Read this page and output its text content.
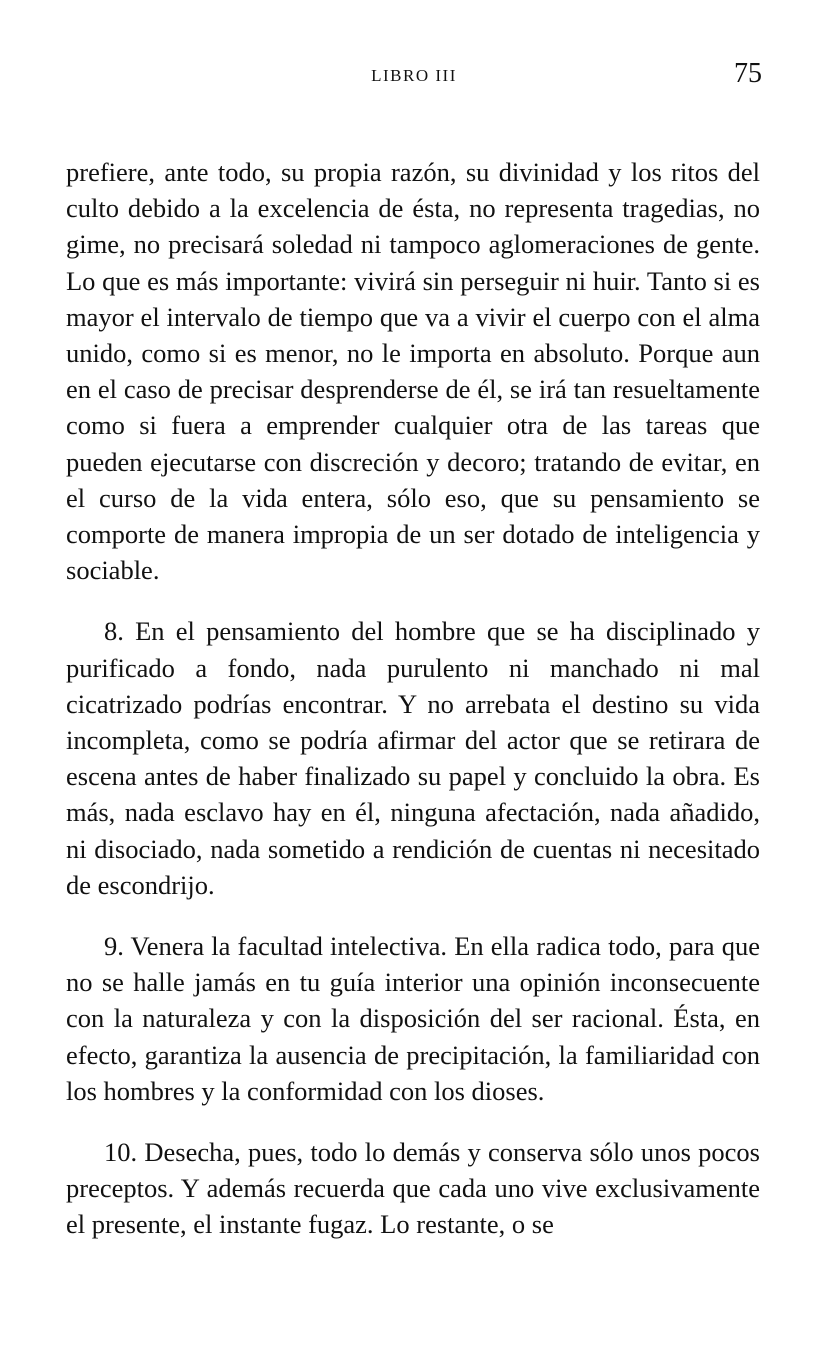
LIBRO III	75

prefiere, ante todo, su propia razón, su divinidad y los ritos del culto debido a la excelencia de ésta, no representa tragedias, no gime, no precisará soledad ni tampoco aglomeraciones de gente. Lo que es más importante: vivirá sin perseguir ni huir. Tanto si es mayor el intervalo de tiempo que va a vivir el cuerpo con el alma unido, como si es menor, no le importa en absoluto. Porque aun en el caso de precisar desprenderse de él, se irá tan resueltamente como si fuera a emprender cualquier otra de las tareas que pueden ejecutarse con discreción y decoro; tratando de evitar, en el curso de la vida entera, sólo eso, que su pensamiento se comporte de manera impropia de un ser dotado de inteligencia y sociable.

8. En el pensamiento del hombre que se ha disciplinado y purificado a fondo, nada purulento ni manchado ni mal cicatrizado podrías encontrar. Y no arrebata el destino su vida incompleta, como se podría afirmar del actor que se retirara de escena antes de haber finalizado su papel y concluido la obra. Es más, nada esclavo hay en él, ninguna afectación, nada añadido, ni disociado, nada sometido a rendición de cuentas ni necesitado de escondrijo.

9. Venera la facultad intelectiva. En ella radica todo, para que no se halle jamás en tu guía interior una opinión inconsecuente con la naturaleza y con la disposición del ser racional. Ésta, en efecto, garantiza la ausencia de precipitación, la familiaridad con los hombres y la conformidad con los dioses.

10. Desecha, pues, todo lo demás y conserva sólo unos pocos preceptos. Y además recuerda que cada uno vive exclusivamente el presente, el instante fugaz. Lo restante, o se
